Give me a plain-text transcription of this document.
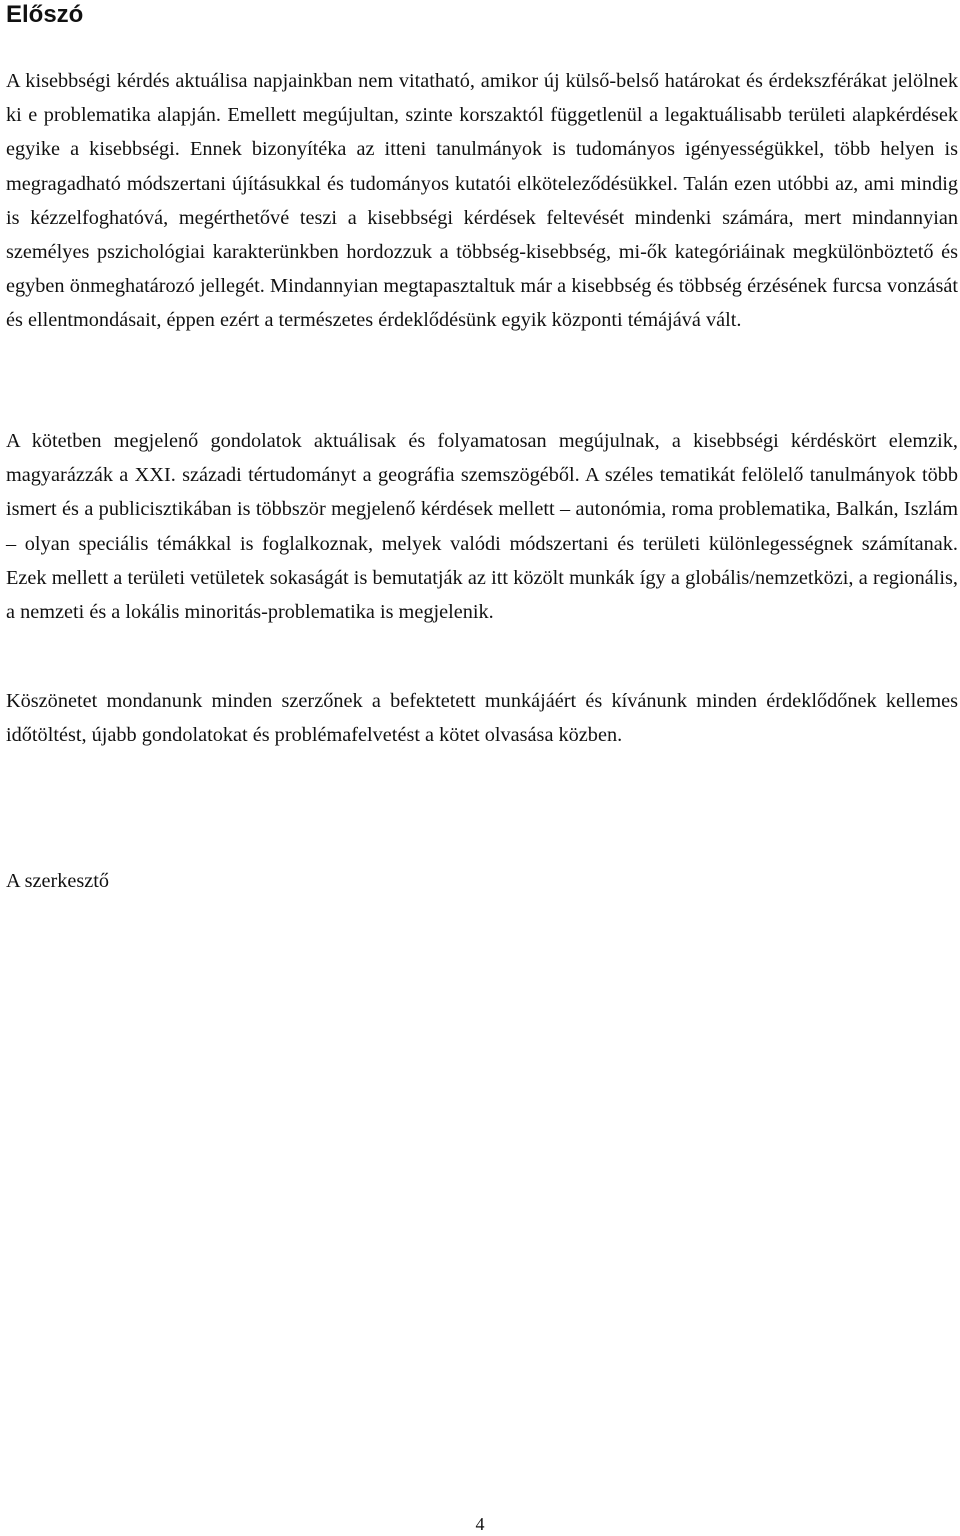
Előszó

A kisebbségi kérdés aktuálisa napjainkban nem vitatható, amikor új külső-belső határokat és érdekszférákat jelölnek ki e problematika alapján. Emellett megújultan, szinte korszaktól függetlenül a legaktuálisabb területi alapkérdések egyike a kisebbségi. Ennek bizonyítéka az itteni tanulmányok is tudományos igényességükkel, több helyen is megragadható módszertani újításukkal és tudományos kutatói elköteleződésükkel. Talán ezen utóbbi az, ami mindig is kézzelfoghatóvá, megérthetővé teszi a kisebbségi kérdések feltevését mindenki számára, mert mindannyian személyes pszichológiai karakterünkben hordozzuk a többség-kisebbség, mi-ők kategóriáinak megkülönböztető és egyben önmeghatározó jellegét. Mindannyian megtapasztaltuk már a kisebbség és többség érzésének furcsa vonzását és ellentmondásait, éppen ezért a természetes érdeklődésünk egyik központi témájává vált.

A kötetben megjelenő gondolatok aktuálisak és folyamatosan megújulnak, a kisebbségi kérdéskört elemzik, magyarázzák a XXI. századi tértudományt a geográfia szemszögéből. A széles tematikát felölelő tanulmányok több ismert és a publicisztikában is többször megjelenő kérdések mellett – autonómia, roma problematika, Balkán, Iszlám – olyan speciális témákkal is foglalkoznak, melyek valódi módszertani és területi különlegességnek számítanak. Ezek mellett a területi vetületek sokaságát is bemutatják az itt közölt munkák így a globális/nemzetközi, a regionális, a nemzeti és a lokális minoritás-problematika is megjelenik.

Köszönetet mondanunk minden szerzőnek a befektetett munkájáért és kívánunk minden érdeklődőnek kellemes időtöltést, újabb gondolatokat és problémafelvetést a kötet olvasása közben.

A szerkesztő

4
